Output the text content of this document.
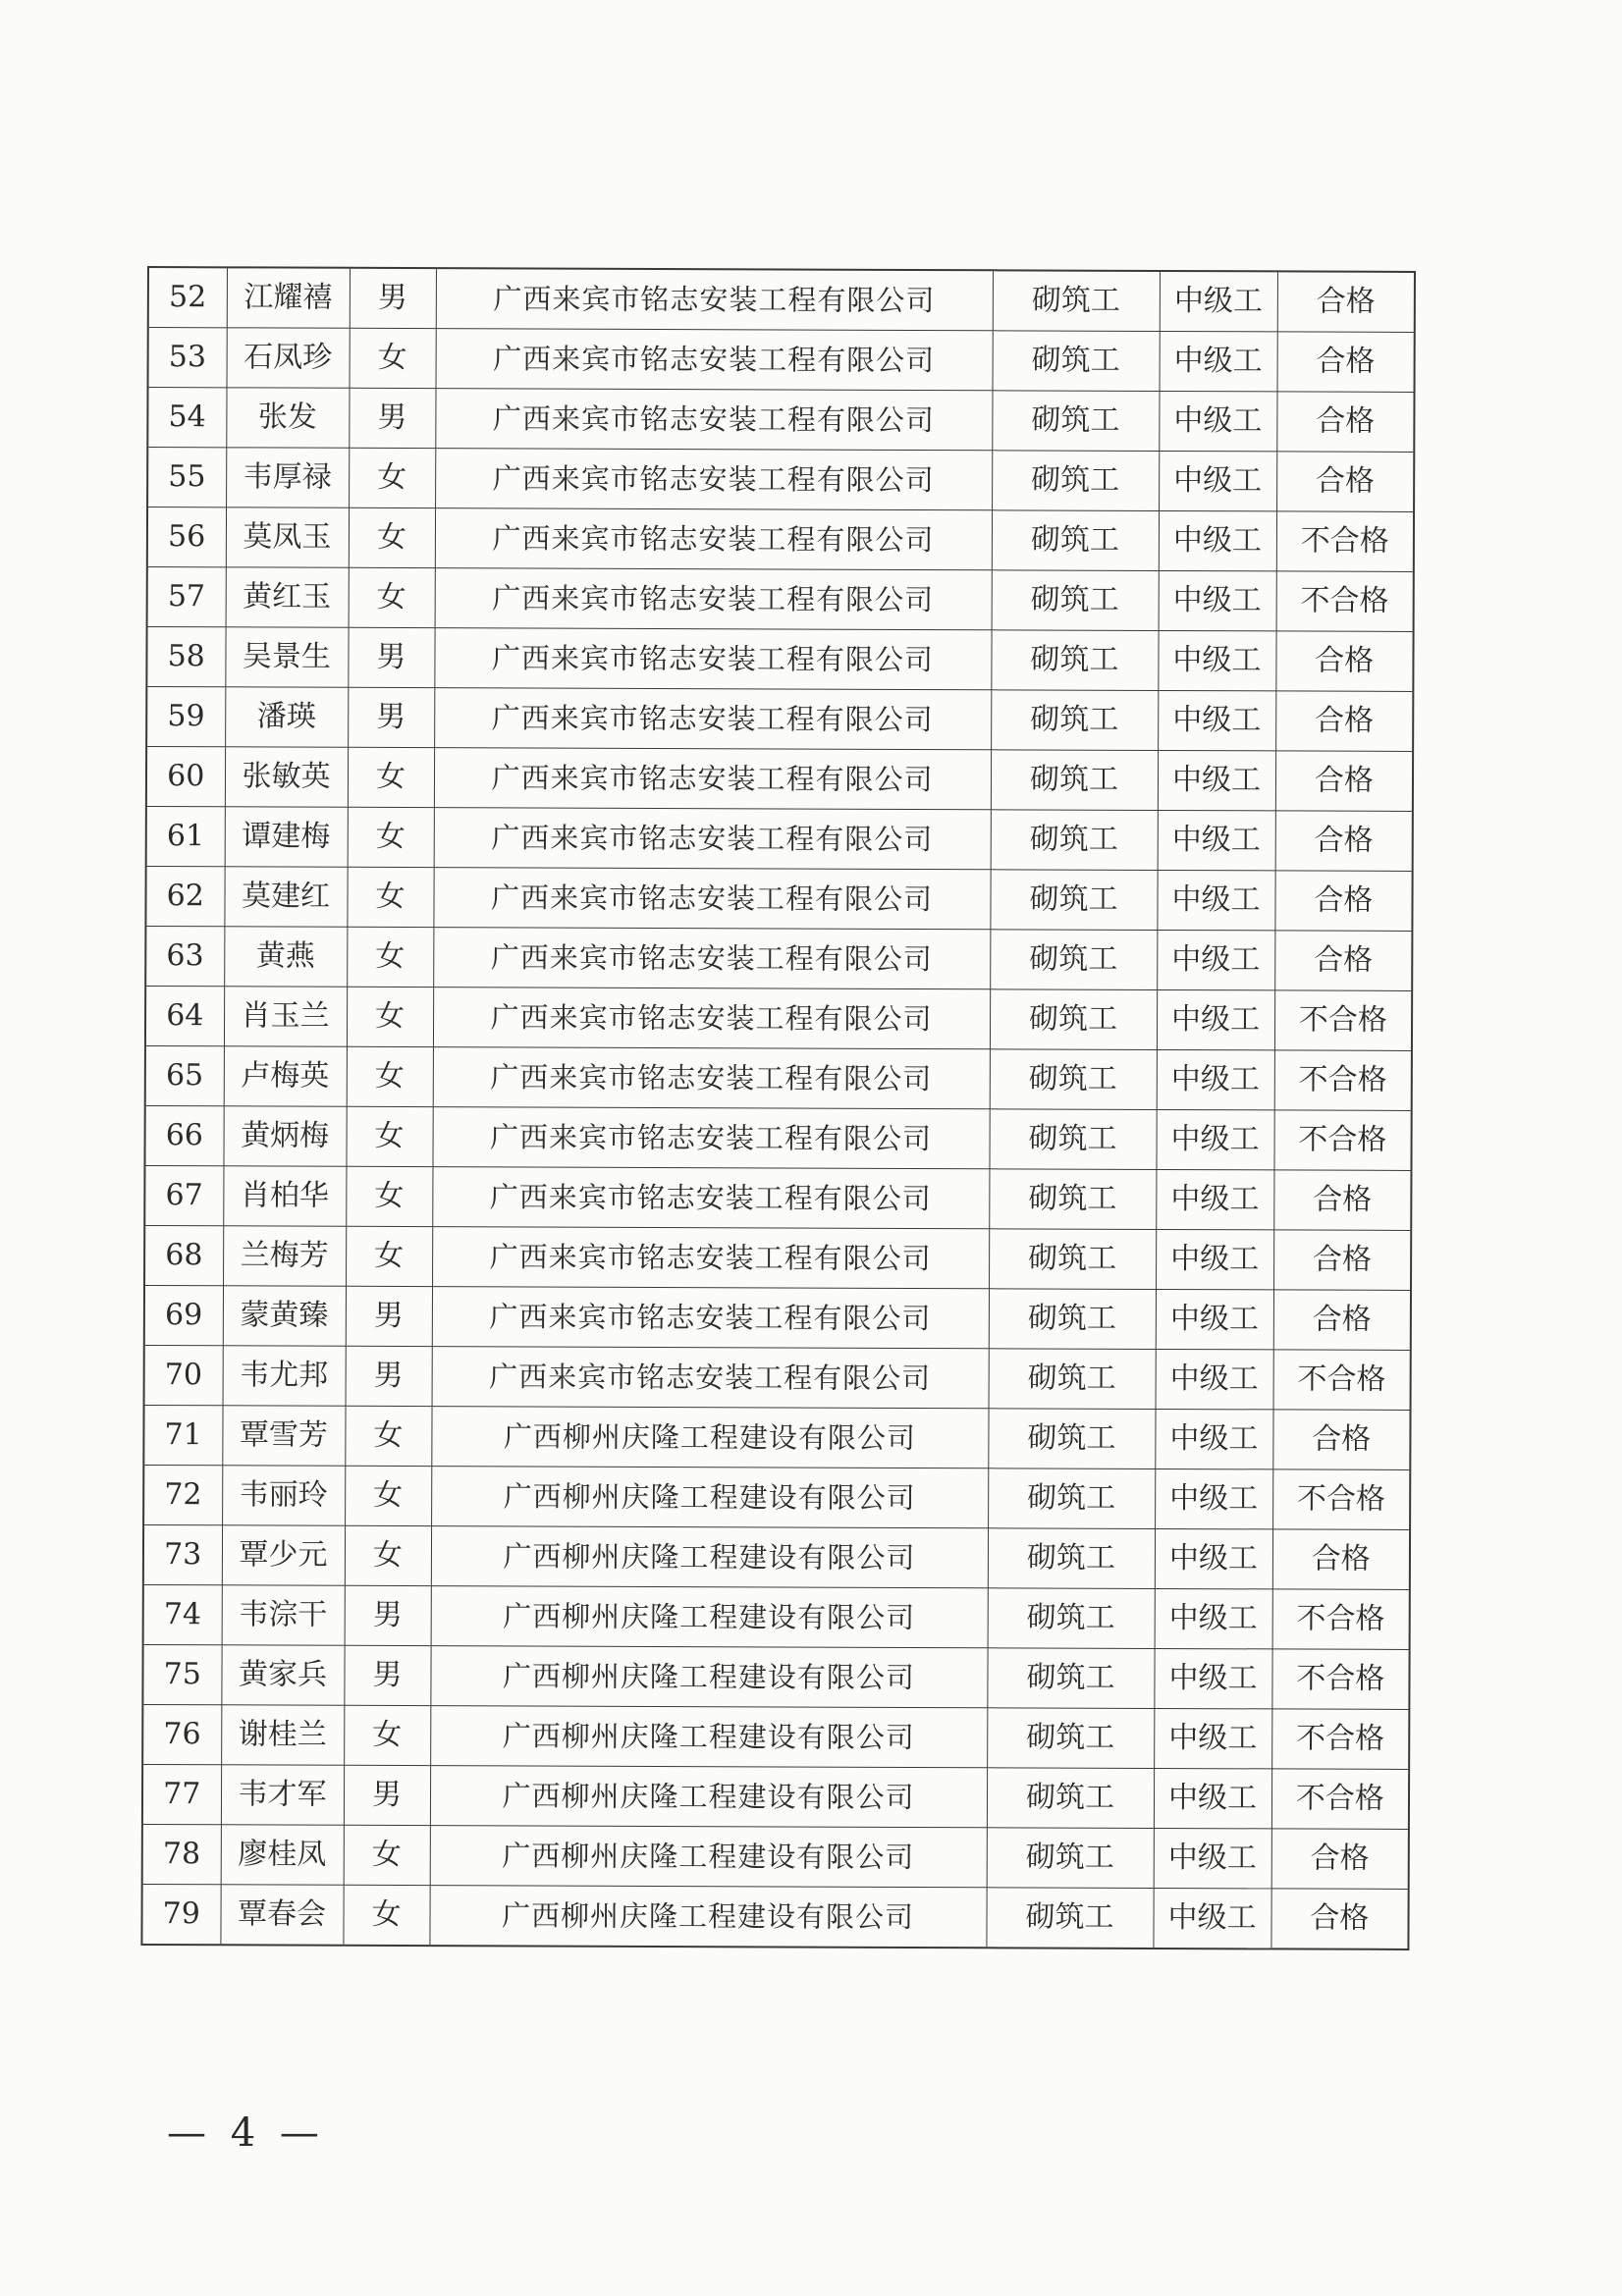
52	江耀禧	男	广西来宾市铭志安装工程有限公司	砌筑工	中级工	合格
53	石凤珍	女	广西来宾市铭志安装工程有限公司	砌筑工	中级工	合格
54	张发	男	广西来宾市铭志安装工程有限公司	砌筑工	中级工	合格
55	韦厚禄	女	广西来宾市铭志安装工程有限公司	砌筑工	中级工	合格
56	莫凤玉	女	广西来宾市铭志安装工程有限公司	砌筑工	中级工	不合格
57	黄红玉	女	广西来宾市铭志安装工程有限公司	砌筑工	中级工	不合格
58	吴景生	男	广西来宾市铭志安装工程有限公司	砌筑工	中级工	合格
59	潘瑛	男	广西来宾市铭志安装工程有限公司	砌筑工	中级工	合格
60	张敏英	女	广西来宾市铭志安装工程有限公司	砌筑工	中级工	合格
61	谭建梅	女	广西来宾市铭志安装工程有限公司	砌筑工	中级工	合格
62	莫建红	女	广西来宾市铭志安装工程有限公司	砌筑工	中级工	合格
63	黄燕	女	广西来宾市铭志安装工程有限公司	砌筑工	中级工	合格
64	肖玉兰	女	广西来宾市铭志安装工程有限公司	砌筑工	中级工	不合格
65	卢梅英	女	广西来宾市铭志安装工程有限公司	砌筑工	中级工	不合格
66	黄炳梅	女	广西来宾市铭志安装工程有限公司	砌筑工	中级工	不合格
67	肖柏华	女	广西来宾市铭志安装工程有限公司	砌筑工	中级工	合格
68	兰梅芳	女	广西来宾市铭志安装工程有限公司	砌筑工	中级工	合格
69	蒙黄臻	男	广西来宾市铭志安装工程有限公司	砌筑工	中级工	合格
70	韦尤邦	男	广西来宾市铭志安装工程有限公司	砌筑工	中级工	不合格
71	覃雪芳	女	广西柳州庆隆工程建设有限公司	砌筑工	中级工	合格
72	韦丽玲	女	广西柳州庆隆工程建设有限公司	砌筑工	中级工	不合格
73	覃少元	女	广西柳州庆隆工程建设有限公司	砌筑工	中级工	合格
74	韦淙干	男	广西柳州庆隆工程建设有限公司	砌筑工	中级工	不合格
75	黄家兵	男	广西柳州庆隆工程建设有限公司	砌筑工	中级工	不合格
76	谢桂兰	女	广西柳州庆隆工程建设有限公司	砌筑工	中级工	不合格
77	韦才军	男	广西柳州庆隆工程建设有限公司	砌筑工	中级工	不合格
78	廖桂凤	女	广西柳州庆隆工程建设有限公司	砌筑工	中级工	合格
79	覃春会	女	广西柳州庆隆工程建设有限公司	砌筑工	中级工	合格
— 4 —
